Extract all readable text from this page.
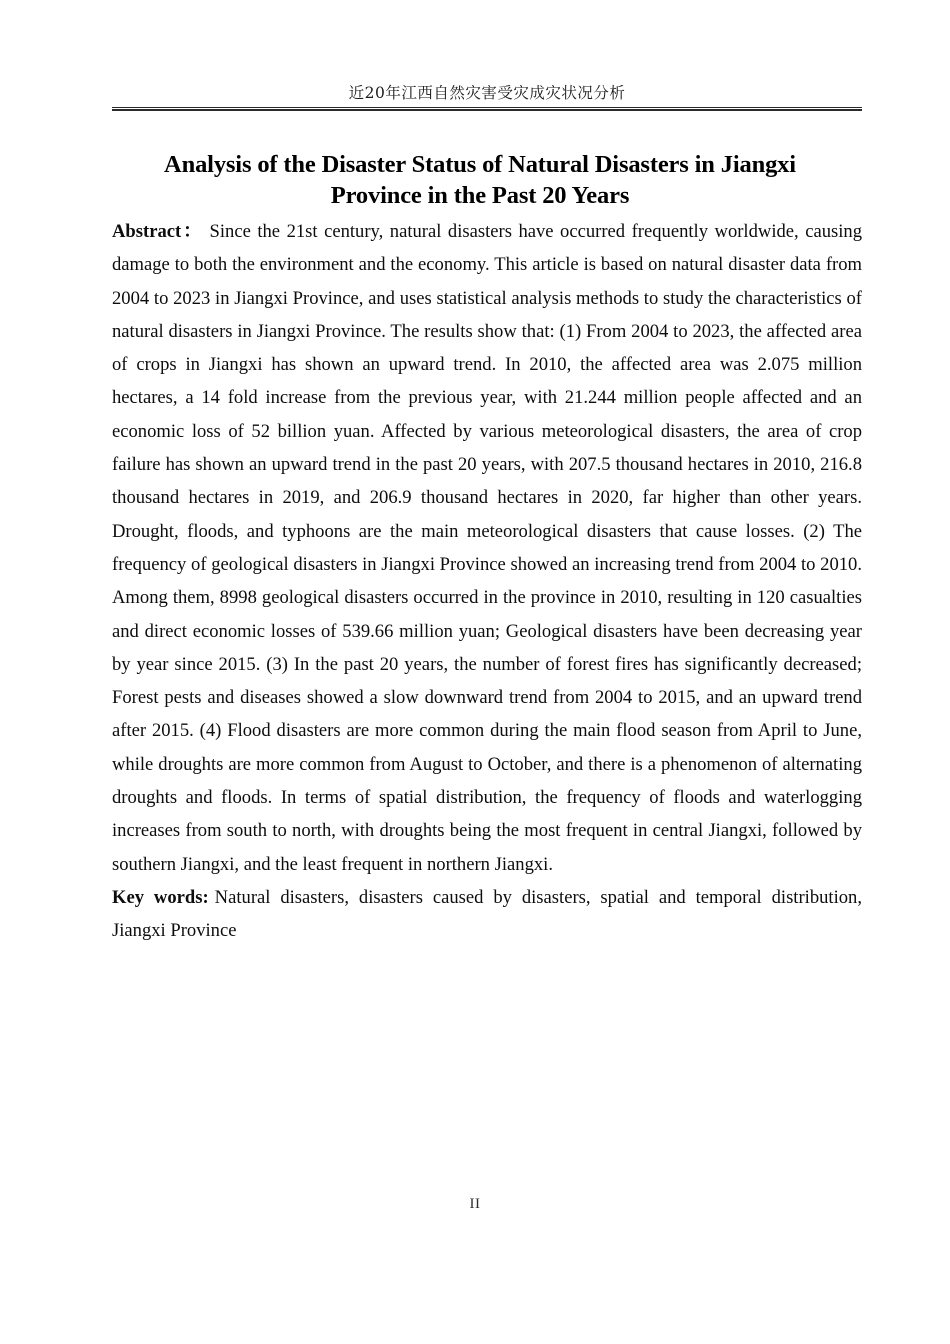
近20年江西自然灾害受灾成灾状况分析
Analysis of the Disaster Status of Natural Disasters in Jiangxi Province in the Past 20 Years

Abstract： Since the 21st century, natural disasters have occurred frequently worldwide, causing damage to both the environment and the economy. This article is based on natural disaster data from 2004 to 2023 in Jiangxi Province, and uses statistical analysis methods to study the characteristics of natural disasters in Jiangxi Province. The results show that: (1) From 2004 to 2023, the affected area of crops in Jiangxi has shown an upward trend. In 2010, the affected area was 2.075 million hectares, a 14 fold increase from the previous year, with 21.244 million people affected and an economic loss of 52 billion yuan. Affected by various meteorological disasters, the area of crop failure has shown an upward trend in the past 20 years, with 207.5 thousand hectares in 2010, 216.8 thousand hectares in 2019, and 206.9 thousand hectares in 2020, far higher than other years. Drought, floods, and typhoons are the main meteorological disasters that cause losses. (2) The frequency of geological disasters in Jiangxi Province showed an increasing trend from 2004 to 2010. Among them, 8998 geological disasters occurred in the province in 2010, resulting in 120 casualties and direct economic losses of 539.66 million yuan; Geological disasters have been decreasing year by year since 2015. (3) In the past 20 years, the number of forest fires has significantly decreased; Forest pests and diseases showed a slow downward trend from 2004 to 2015, and an upward trend after 2015. (4) Flood disasters are more common during the main flood season from April to June, while droughts are more common from August to October, and there is a phenomenon of alternating droughts and floods. In terms of spatial distribution, the frequency of floods and waterlogging increases from south to north, with droughts being the most frequent in central Jiangxi, followed by southern Jiangxi, and the least frequent in northern Jiangxi.

Key words: Natural disasters, disasters caused by disasters, spatial and temporal distribution, Jiangxi Province

II
